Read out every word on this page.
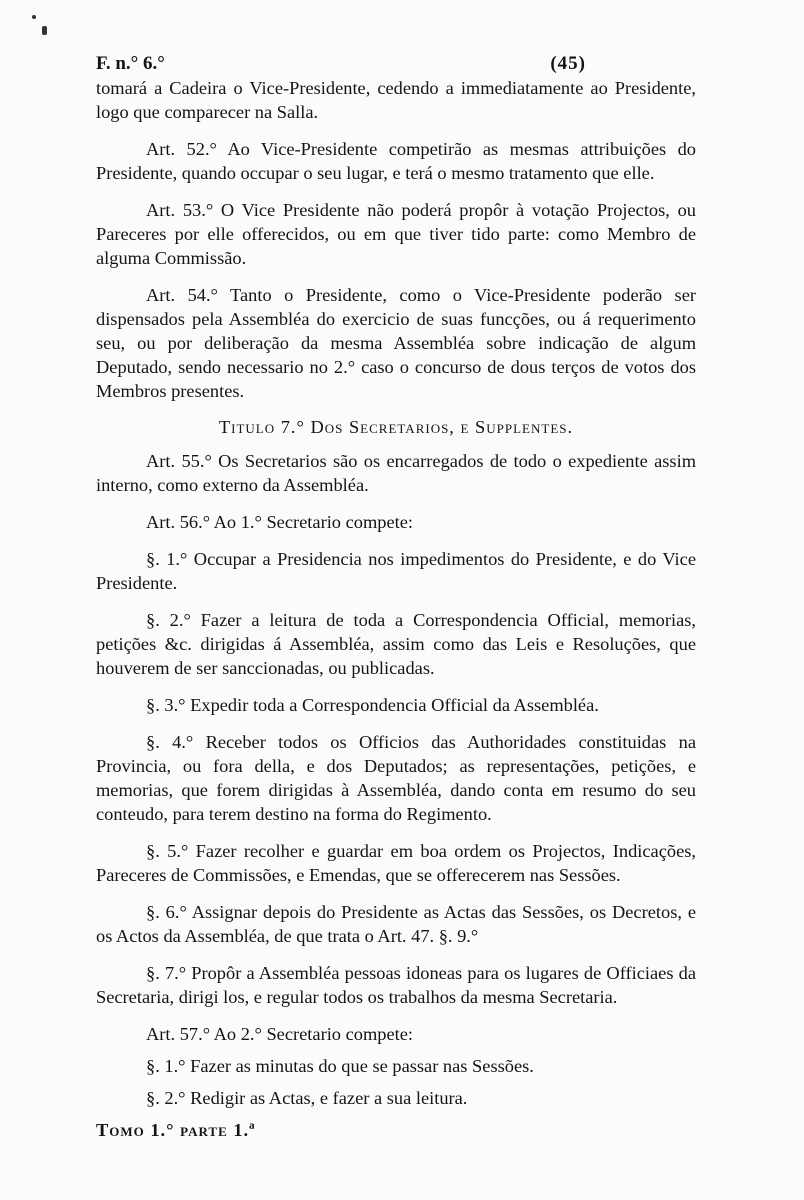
F. n.° 6.°	(45)

tomará a Cadeira o Vice-Presidente, cedendo a immediatamente ao Presidente, logo que comparecer na Salla.

Art. 52.° Ao Vice-Presidente competirão as mesmas attribuições do Presidente, quando occupar o seu lugar, e terá o mesmo tratamento que elle.

Art. 53.° O Vice Presidente não poderá propôr à votação Projectos, ou Pareceres por elle offerecidos, ou em que tiver tido parte: como Membro de alguma Commissão.

Art. 54.° Tanto o Presidente, como o Vice-Presidente poderão ser dispensados pela Assembléa do exercicio de suas funcções, ou á requerimento seu, ou por deliberação da mesma Assembléa sobre indicação de algum Deputado, sendo necessario no 2.° caso o concurso de dous terços de votos dos Membros presentes.

Titulo 7.° Dos Secretarios, e Supplentes.

Art. 55.° Os Secretarios são os encarregados de todo o expediente assim interno, como externo da Assembléa.

Art. 56.° Ao 1.° Secretario compete:

§. 1.° Occupar a Presidencia nos impedimentos do Presidente, e do Vice Presidente.

§. 2.° Fazer a leitura de toda a Correspondencia Official, memorias, petições &c. dirigidas á Assembléa, assim como das Leis e Resoluções, que houverem de ser sanccionadas, ou publicadas.

§. 3.° Expedir toda a Correspondencia Official da Assembléa.

§. 4.° Receber todos os Officios das Authoridades constituidas na Provincia, ou fora della, e dos Deputados; as representações, petições, e memorias, que forem dirigidas à Assembléa, dando conta em resumo do seu conteudo, para terem destino na forma do Regimento.

§. 5.° Fazer recolher e guardar em boa ordem os Projectos, Indicações, Pareceres de Commissões, e Emendas, que se offerecerem nas Sessões.

§. 6.° Assignar depois do Presidente as Actas das Sessões, os Decretos, e os Actos da Assembléa, de que trata o Art. 47. §. 9.°

§. 7.° Propôr a Assembléa pessoas idoneas para os lugares de Officiaes da Secretaria, dirigi los, e regular todos os trabalhos da mesma Secretaria.

Art. 57.° Ao 2.° Secretario compete:

§. 1.° Fazer as minutas do que se passar nas Sessões.

§. 2.° Redigir as Actas, e fazer a sua leitura.

Tomo 1.° parte 1.ª
